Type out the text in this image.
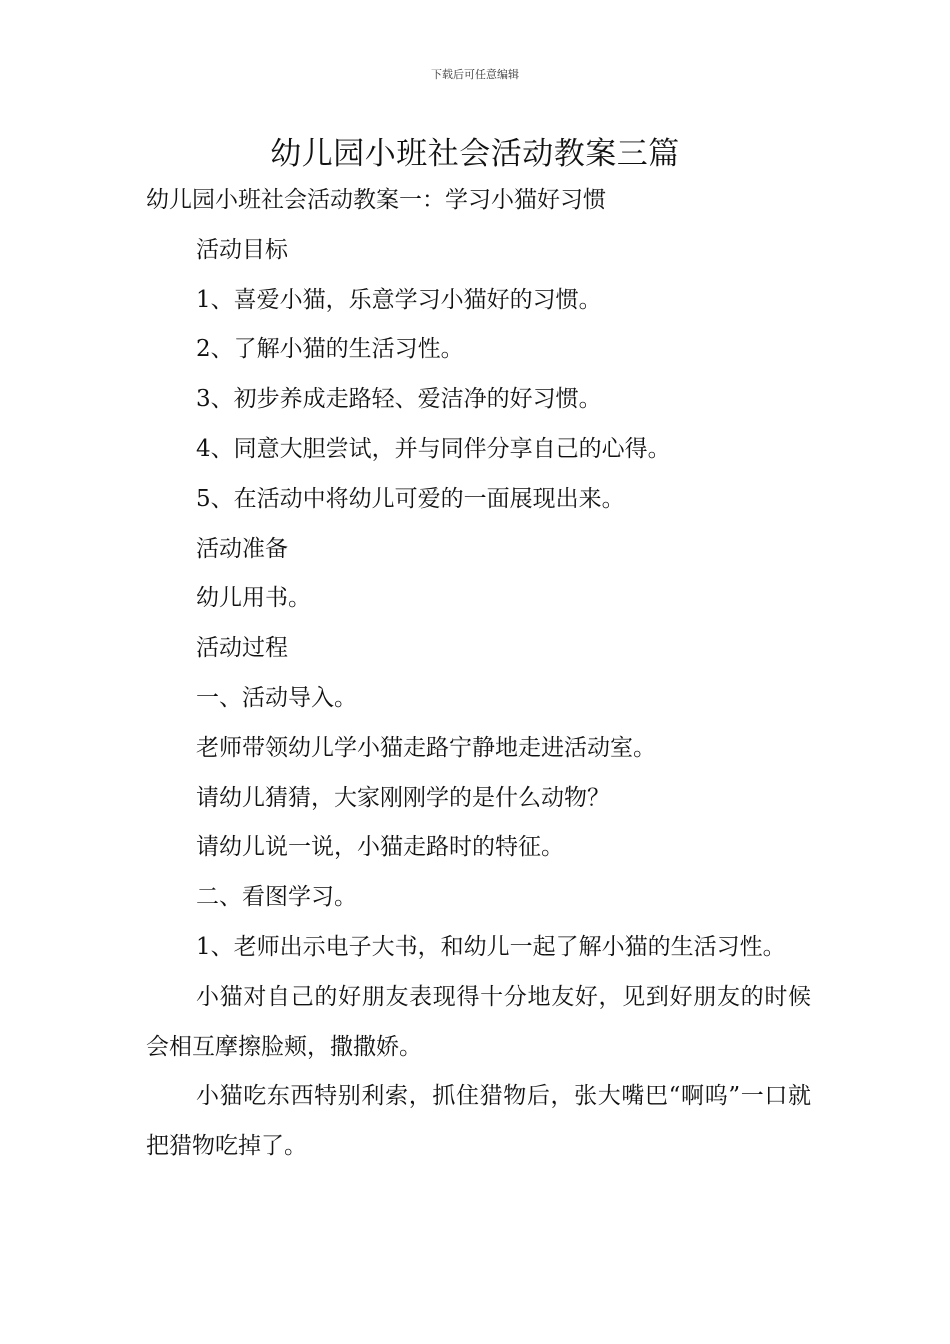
下载后可任意编辑
幼儿园小班社会活动教案三篇

幼儿园小班社会活动教案一：学习小猫好习惯

活动目标

1、喜爱小猫，乐意学习小猫好的习惯。

2、了解小猫的生活习性。

3、初步养成走路轻、爱洁净的好习惯。

4、同意大胆尝试，并与同伴分享自己的心得。

5、在活动中将幼儿可爱的一面展现出来。

活动准备

幼儿用书。

活动过程

一、活动导入。

老师带领幼儿学小猫走路宁静地走进活动室。

请幼儿猜猜，大家刚刚学的是什么动物？

请幼儿说一说，小猫走路时的特征。

二、看图学习。

1、老师出示电子大书，和幼儿一起了解小猫的生活习性。

小猫对自己的好朋友表现得十分地友好，见到好朋友的时候会相互摩擦脸颊，撒撒娇。

小猫吃东西特别利索，抓住猎物后，张大嘴巴“啊呜”一口就把猎物吃掉了。
